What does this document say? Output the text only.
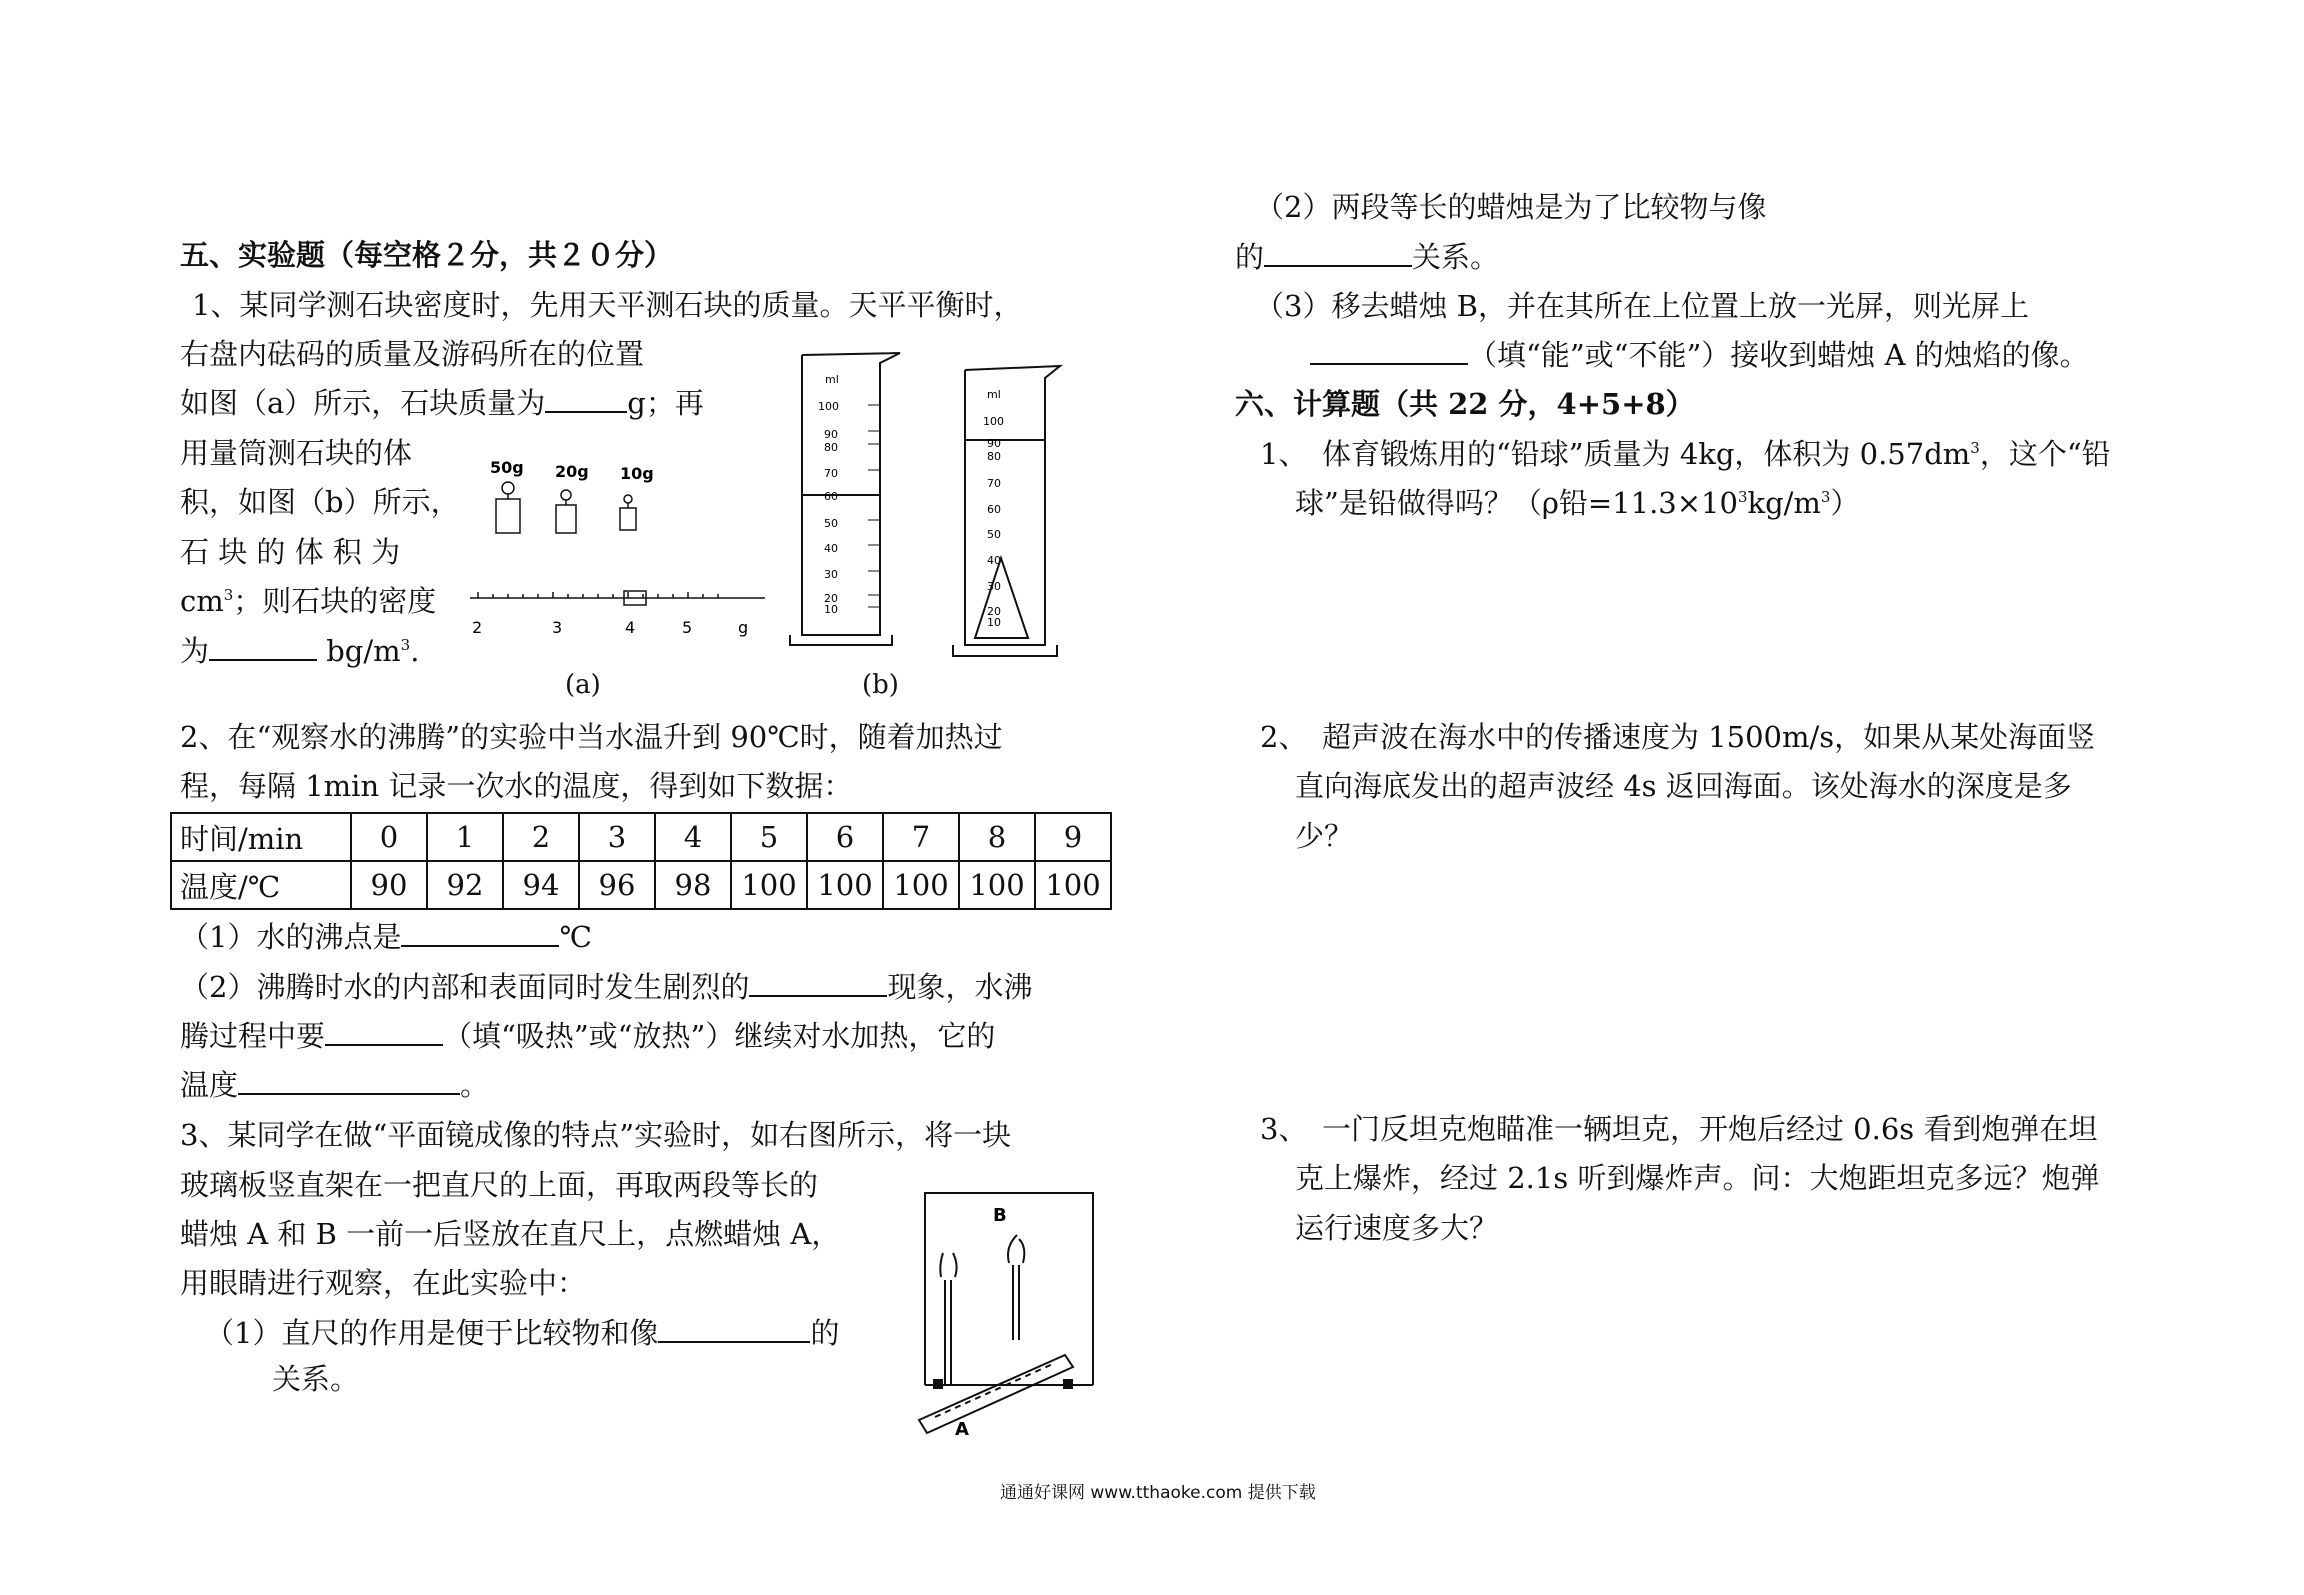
五、实验题（每空格２分，共２０分）
1、某同学测石块密度时，先用天平测石块的质量。天平平衡时，
右盘内砝码的质量及游码所在的位置
如图（a）所示，石块质量为	g；再
用量筒测石块的体
积，如图（b）所示，
石 块 的 体 积 为
$cm^3$；则石块的密度
为	$bg/m^3$.
50g 20g 10g
2	3	4	5	g
ml
100
90
80
70
60
50
40
30
20
10
ml
100
90
80
70
60
50
40
30
20
10
(a)	(b)
2、在“观察水的沸腾”的实验中当水温升到 90℃时，随着加热过
程，每隔 1min 记录一次水的温度，得到如下数据：
时间/min	0	1	2	3	4	5	6	7	8	9
温度/℃	90	92	94	96	98	100	100	100	100	100
（1）水的沸点是	℃
（2）沸腾时水的内部和表面同时发生剧烈的	现象，水沸
腾过程中要	（填“吸热”或“放热”）继续对水加热，它的
温度	。
3、某同学在做“平面镜成像的特点”实验时，如右图所示，将一块
玻璃板竖直架在一把直尺的上面，再取两段等长的
蜡烛 A 和 B 一前一后竖放在直尺上，点燃蜡烛 A，
用眼睛进行观察，在此实验中：
（1）直尺的作用是便于比较物和像	的
关系。
B
A
（2）两段等长的蜡烛是为了比较物与像
的	关系。
（3）移去蜡烛 B，并在其所在上位置上放一光屏，则光屏上
（填“能”或“不能”）接收到蜡烛 A 的烛焰的像。
六、计算题（共 22 分，4+5+8）
1、　体育锻炼用的“铅球”质量为 4kg，体积为 $0.57dm^3$，这个“铅
球”是铅做得吗？（ρ铅$=11.3\times 10^3kg/m^3$）
2、　超声波在海水中的传播速度为 1500m/s，如果从某处海面竖
直向海底发出的超声波经 4s 返回海面。该处海水的深度是多
少？
3、　一门反坦克炮瞄准一辆坦克，开炮后经过 0.6s 看到炮弹在坦
克上爆炸，经过 2.1s 听到爆炸声。问：大炮距坦克多远？炮弹
运行速度多大？
通通好课网 www.tthaoke.com 提供下载
